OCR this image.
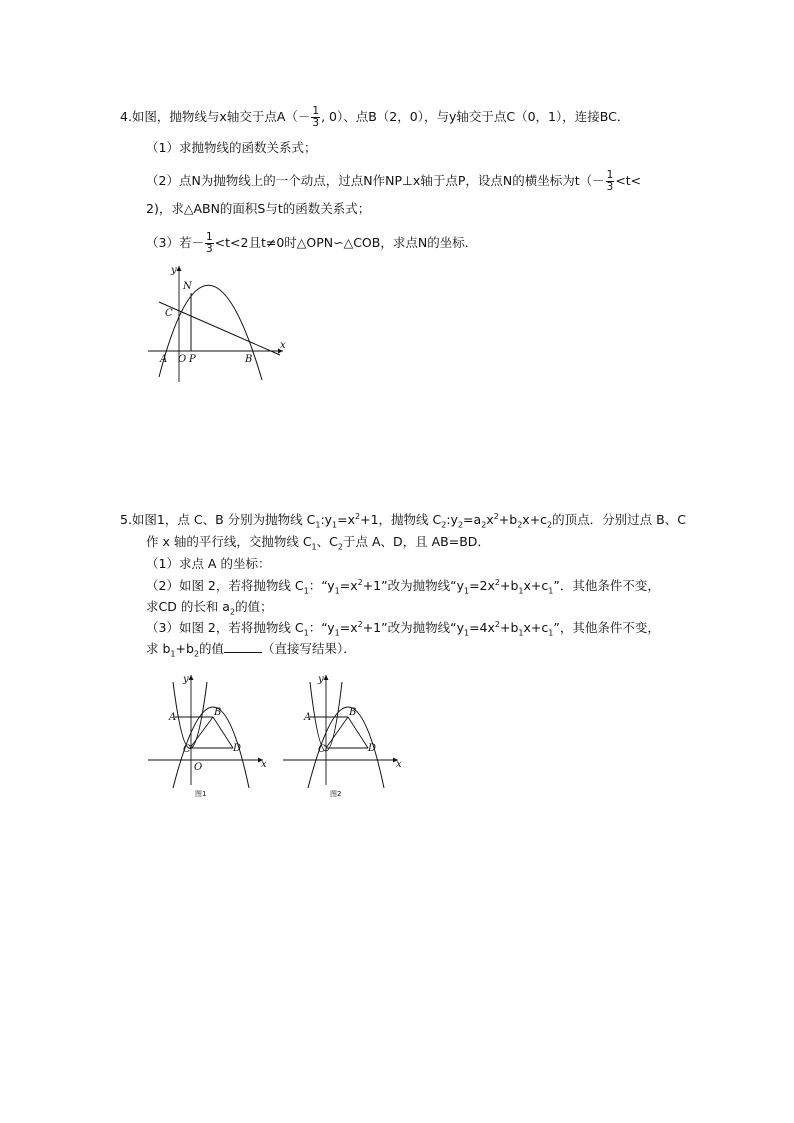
4.如图，抛物线与x轴交于点$A(- \frac{1}{3}$ , 0）、点B（2，0），与y轴交于点C（0，1），连接BC．
（1）求抛物线的函数关系式；
（2）点N为抛物线上的一个动点，过点N作NP⊥x轴于点P，设点N的横坐标为$t(- \frac{1}{3} <t<$
2)，求△ABN的面积S与t的函数关系式；
（3）若－ $\frac{1}{3} <t<2$且t≠0时△OPN∽△COB，求点N的坐标．
y
x
N
C
A O P	B
5.如图1，点 C、B 分别为抛物线 $C_1:y_1=x^2+1$，抛物线 $C_2:y_2=a_2x^2+b_2x+c_2$的顶点．分别过点 B、C
作 x 轴的平行线，交抛物线 $C_1$、$C_2$于点 A、D，且 AB=BD．
（1）求点 A 的坐标：
（2）如图 2，若将抛物线 $C_1$：“$y_1=x^2+1$”改为抛物线“$y_1=2x^2+b_1x+c_1$”．其他条件不变，
求CD 的长和 $a_2$的值；
（3）如图 2，若将抛物线 $C_1$：“$y_1=x^2+1$”改为抛物线“$y_1=4x^2+b_1x+c_1$”，其他条件不变，
求 $b_1+b_2$的值	（直接写结果）．
y
x
A	B
C	D
O
图1
y
x
A	B
C	D
图2
